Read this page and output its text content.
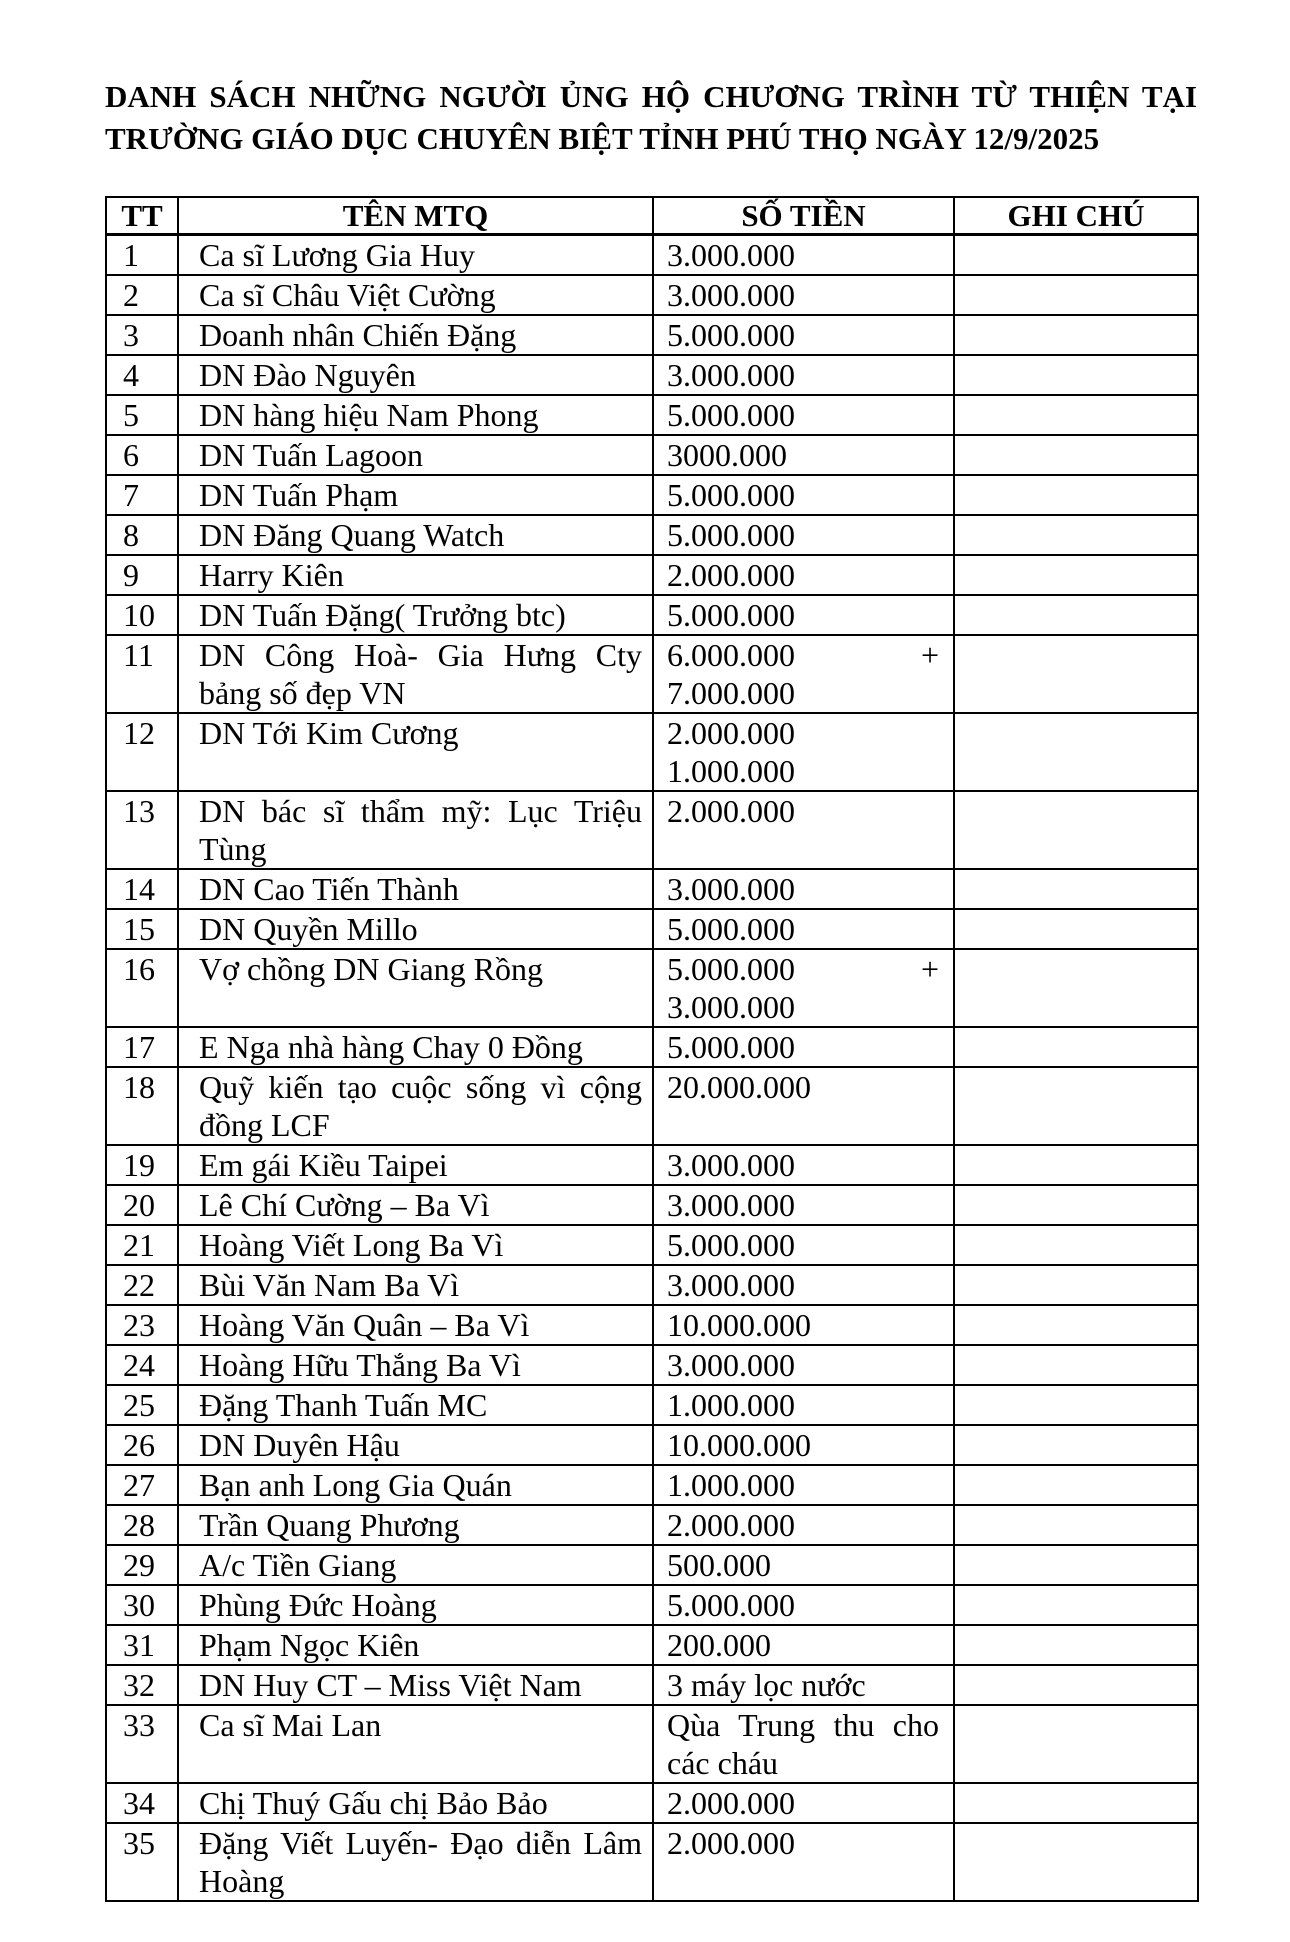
DANH SÁCH NHỮNG NGƯỜI ỦNG HỘ CHƯƠNG TRÌNH TỪ THIỆN TẠI TRƯỜNG GIÁO DỤC CHUYÊN BIỆT TỈNH PHÚ THỌ NGÀY 12/9/2025
TT	TÊN MTQ	SỐ TIỀN	GHI CHÚ
1	Ca sĩ Lương Gia Huy	3.000.000	

2	Ca sĩ Châu Việt Cường	3.000.000	

3	Doanh nhân Chiến Đặng	5.000.000	

4	DN Đào Nguyên	3.000.000	

5	DN hàng hiệu Nam Phong	5.000.000	

6	DN Tuấn Lagoon	3000.000	

7	DN Tuấn Phạm	5.000.000	

8	DN Đăng Quang Watch	5.000.000	

9	Harry Kiên	2.000.000	

10	DN Tuấn Đặng( Trưởng btc)	5.000.000	

11	DN Công Hoà- Gia Hưng Cty bảng số đẹp VN	6.000.000 +
7.000.000	

12	DN Tới Kim Cương	2.000.000
1.000.000	

13	DN bác sĩ thẩm mỹ: Lục Triệu Tùng	2.000.000	

14	DN Cao Tiến Thành	3.000.000	

15	DN Quyền Millo	5.000.000	

16	Vợ chồng DN Giang Rồng	5.000.000 +
3.000.000	

17	E Nga nhà hàng Chay 0 Đồng	5.000.000	

18	Quỹ kiến tạo cuộc sống vì cộng đồng LCF	20.000.000	

19	Em gái Kiều Taipei	3.000.000	

20	Lê Chí Cường – Ba Vì	3.000.000	

21	Hoàng Viết Long Ba Vì	5.000.000	

22	Bùi Văn Nam Ba Vì	3.000.000	

23	Hoàng Văn Quân – Ba Vì	10.000.000	

24	Hoàng Hữu Thắng Ba Vì	3.000.000	

25	Đặng Thanh Tuấn MC	1.000.000	

26	DN Duyên Hậu	10.000.000	

27	Bạn anh Long Gia Quán	1.000.000	

28	Trần Quang Phương	2.000.000	

29	A/c Tiền Giang	500.000	

30	Phùng Đức Hoàng	5.000.000	

31	Phạm Ngọc Kiên	200.000	

32	DN Huy CT – Miss Việt Nam	3 máy lọc nước	

33	Ca sĩ Mai Lan	Qùa Trung thu cho các cháu	

34	Chị Thuý Gấu chị Bảo Bảo	2.000.000	

35	Đặng Viết Luyến- Đạo diễn Lâm Hoàng	2.000.000	
